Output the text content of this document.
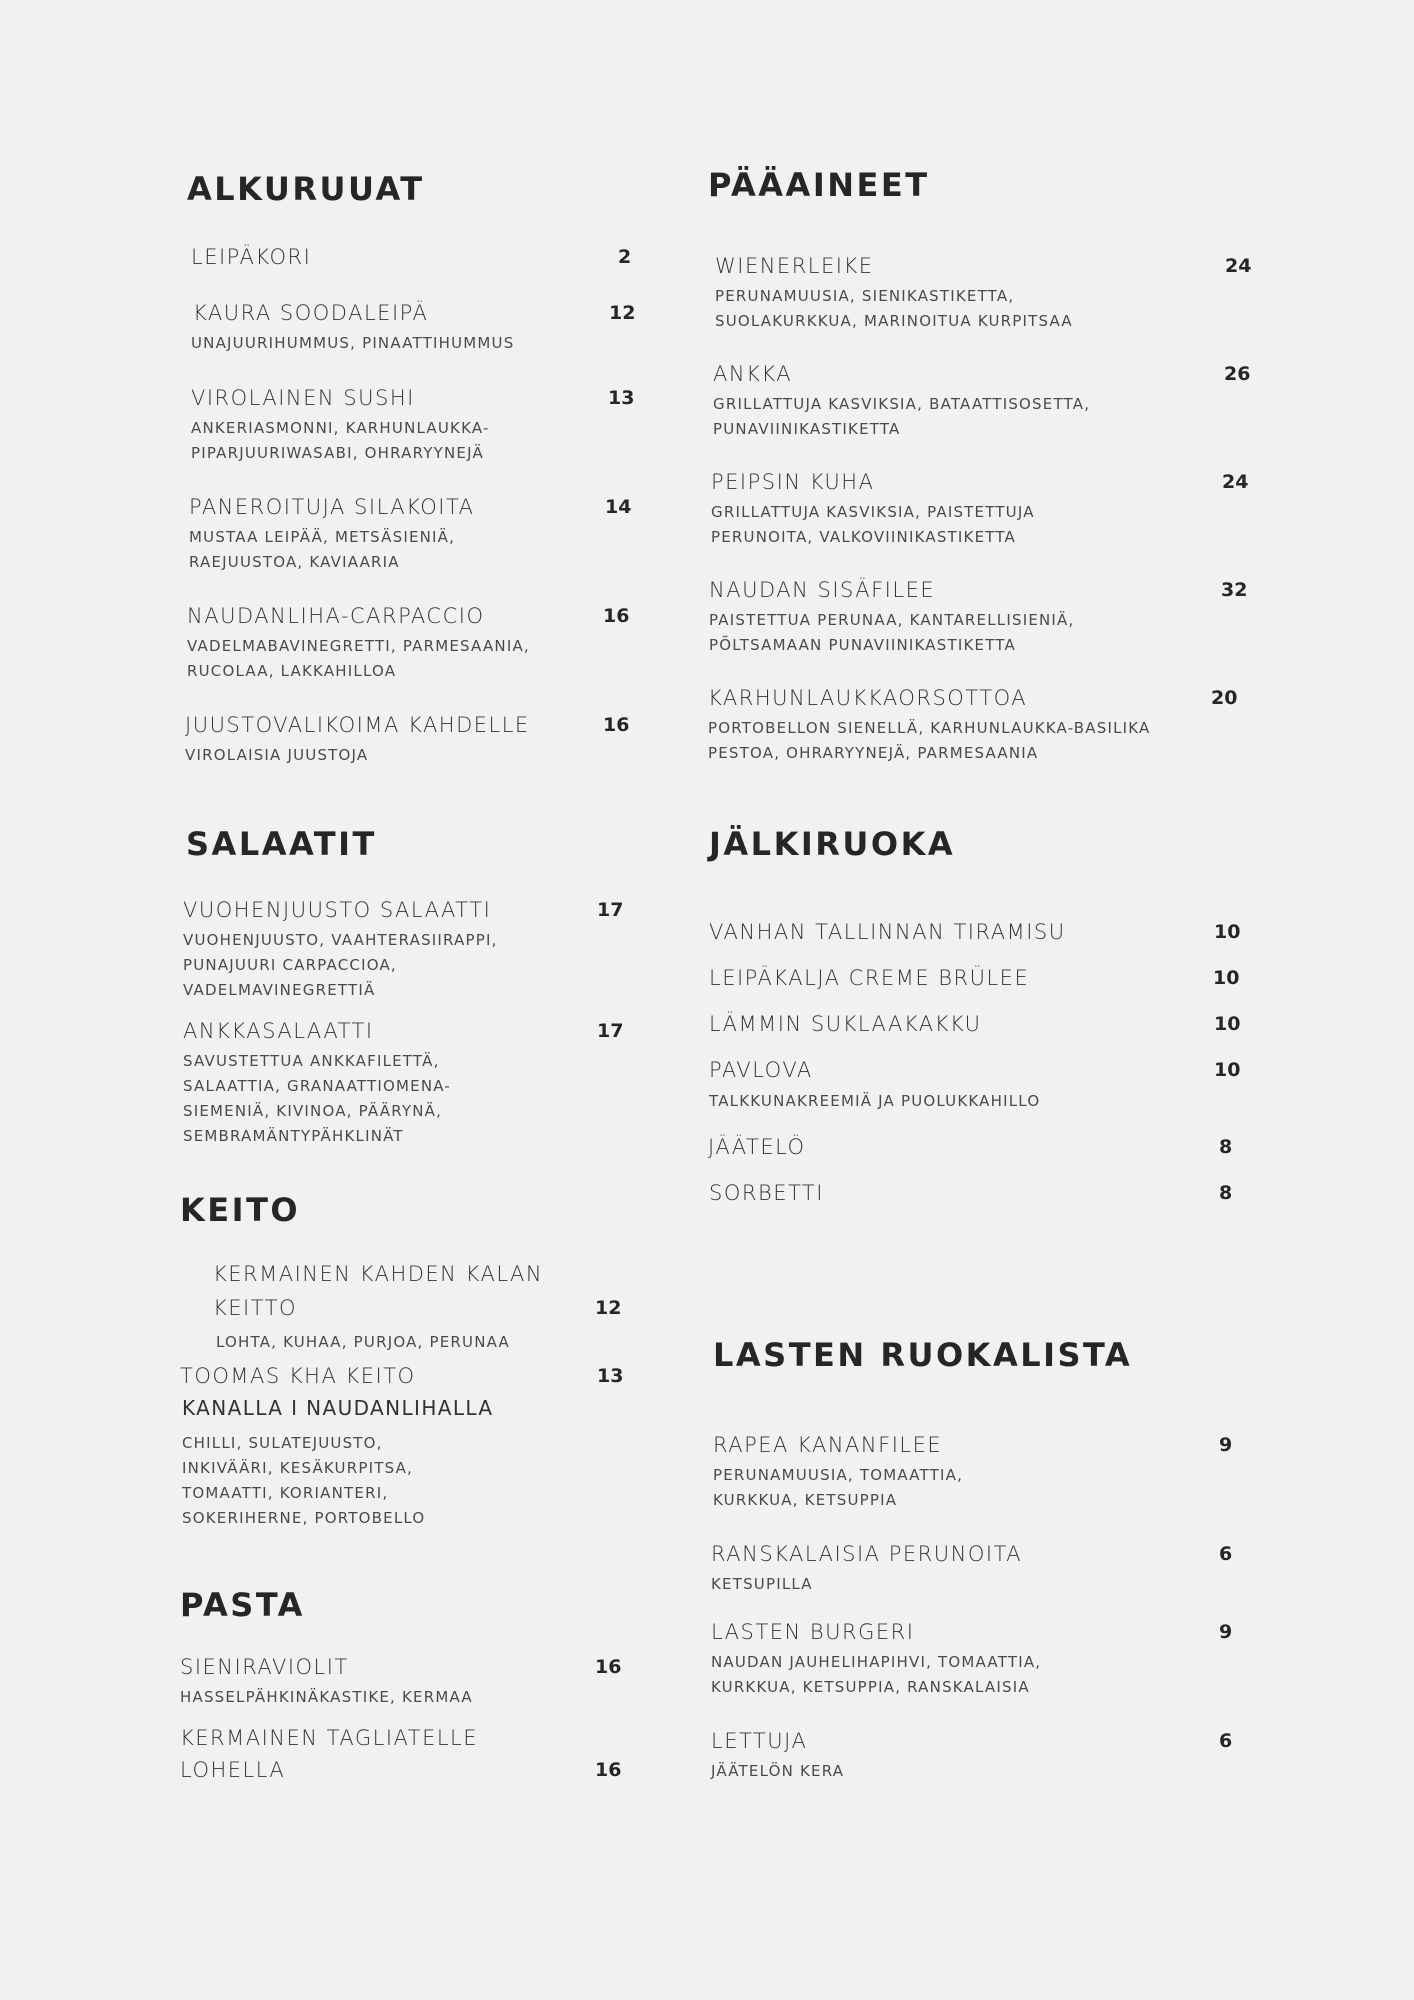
ALKURUUAT
LEIPÄKORI	2
KAURA SOODALEIPÄ	12
UNAJUURIHUMMUS, PINAATTIHUMMUS
VIROLAINEN SUSHI	13
ANKERIASMONNI, KARHUNLAUKKA-
PIPARJUURIWASABI, OHRARYYNEJÄ
PANEROITUJA SILAKOITA	14
MUSTAA LEIPÄÄ, METSÄSIENIÄ,
RAEJUUSTOA, KAVIAARIA
NAUDANLIHA-CARPACCIO	16
VADELMABAVINEGRETTI, PARMESAANIA,
RUCOLAA, LAKKAHILLOA
JUUSTOVALIKOIMA KAHDELLE	16
VIROLAISIA JUUSTOJA
PÄÄAINEET
WIENERLEIKE	24
PERUNAMUUSIA, SIENIKASTIKETTA,
SUOLAKURKKUA, MARINOITUA KURPITSAA
ANKKA	26
GRILLATTUJA KASVIKSIA, BATAATTISOSETTA,
PUNAVIINIKASTIKETTA
PEIPSIN KUHA	24
GRILLATTUJA KASVIKSIA, PAISTETTUJA
PERUNOITA, VALKOVIINIKASTIKETTA
NAUDAN SISÄFILEE	32
PAISTETTUA PERUNAA, KANTARELLISIENIÄ,
PÕLTSAMAAN PUNAVIINIKASTIKETTA
KARHUNLAUKKAORSOTTOA	20
PORTOBELLON SIENELLÄ, KARHUNLAUKKA-BASILIKA
PESTOA, OHRARYYNEJÄ, PARMESAANIA
SALAATIT
VUOHENJUUSTO SALAATTI	17
VUOHENJUUSTO, VAAHTERASIIRAPPI,
PUNAJUURI CARPACCIOA,
VADELMAVINEGRETTIÄ
ANKKASALAATTI	17
SAVUSTETTUA ANKKAFILETTÄ,
SALAATTIA, GRANAATTIOMENA-
SIEMENIÄ, KIVINOA, PÄÄRYNÄ,
SEMBRAMÄNTYPÄHKLINÄT
KEITO
KERMAINEN KAHDEN KALAN KEITTO	12
LOHTA, KUHAA, PURJOA, PERUNAA
TOOMAS KHA KEITO	13
KANALLA I NAUDANLIHALLA
CHILLI, SULATEJUUSTO,
INKIVÄÄRI, KESÄKURPITSA,
TOMAATTI, KORIANTERI,
SOKERIHERNE, PORTOBELLO
PASTA
SIENIRAVIOLIT	16
HASSELPÄHKINÄKASTIKE, KERMAA
KERMAINEN TAGLIATELLE LOHELLA	16
JÄLKIRUOKA
VANHAN TALLINNAN TIRAMISU	10
LEIPÄKALJA CREME BRÜLEE	10
LÄMMIN SUKLAAKAKKU	10
PAVLOVA	10
TALKKUNAKREEMIÄ JA PUOLUKKAHILLO
JÄÄTELÖ	8
SORBETTI	8
LASTEN RUOKALISTA
RAPEA KANANFILEE	9
PERUNAMUUSIA, TOMAATTIA,
KURKKUA, KETSUPPIA
RANSKALAISIA PERUNOITA	6
KETSUPILLA
LASTEN BURGERI	9
NAUDAN JAUHELIHAPIHVI, TOMAATTIA,
KURKKUA, KETSUPPIA, RANSKALAISIA
LETTUJA	6
JÄÄTELÖN KERA
